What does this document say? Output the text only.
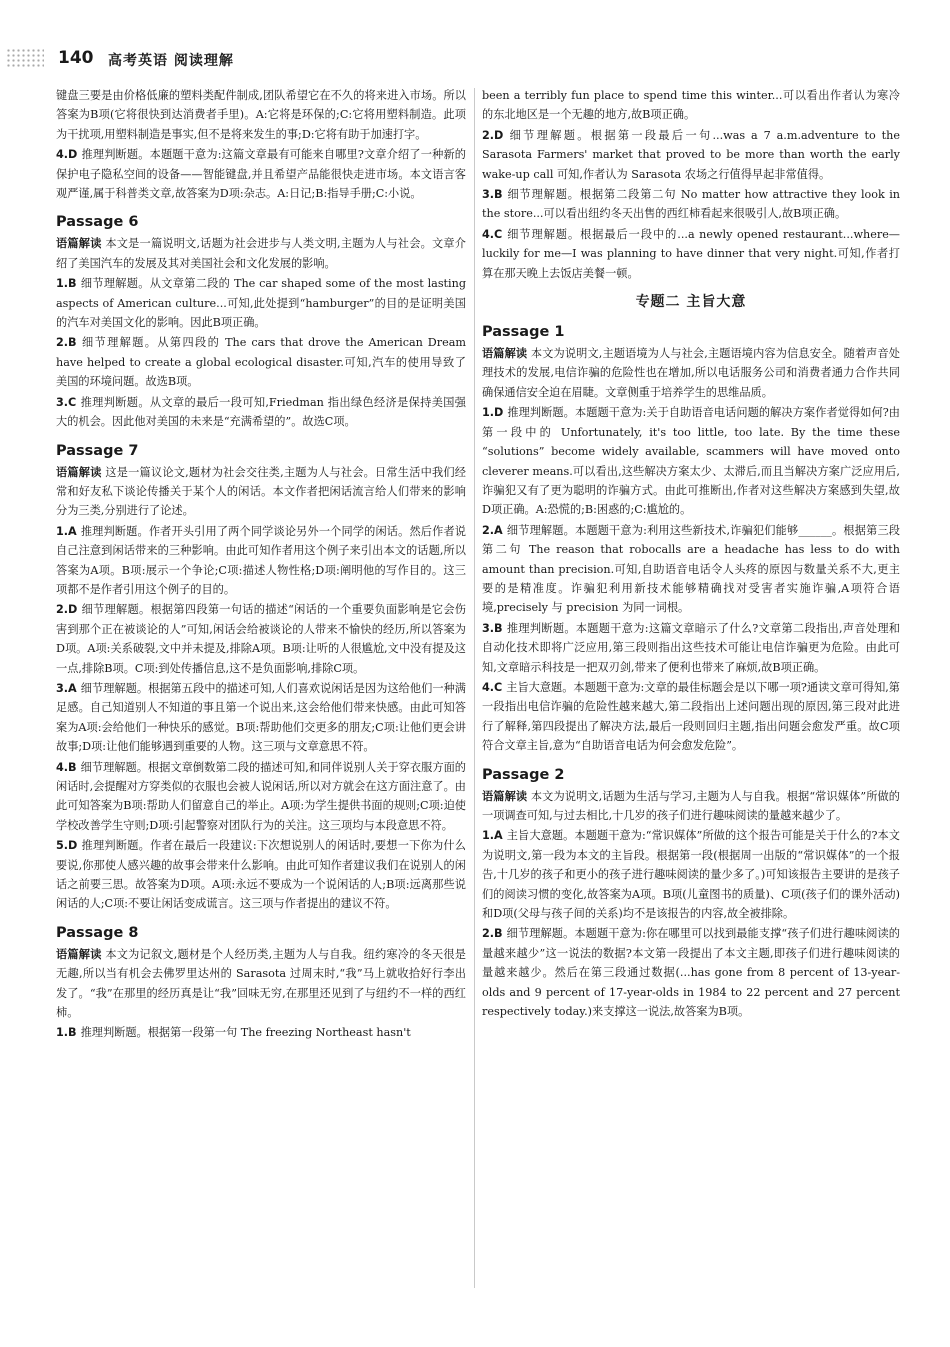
140 高考英语 阅读理解

键盘三要是由价格低廉的塑料类配件制成,团队希望它在不久的将来进入市场。所以答案为B项(它将很快到达消费者手里)。A:它将是环保的;C:它将用塑料制造。此项为干扰项,用塑料制造是事实,但不是将来发生的事;D:它将有助于加速打字。

4.D 推理判断题。本题题干意为:这篇文章最有可能来自哪里?文章介绍了一种新的保护电子隐私空间的设备——智能键盘,并且希望产品能很快走进市场。本文语言客观严谨,属于科普类文章,故答案为D项:杂志。A:日记;B:指导手册;C:小说。

Passage 6

语篇解读 本文是一篇说明文,话题为社会进步与人类文明,主题为人与社会。文章介绍了美国汽车的发展及其对美国社会和文化发展的影响。

1.B 细节理解题。从文章第二段的 The car shaped some of the most lasting aspects of American culture...可知,此处提到“hamburger”的目的是证明美国的汽车对美国文化的影响。因此B项正确。

2.B 细节理解题。从第四段的 The cars that drove the American Dream have helped to create a global ecological disaster.可知,汽车的使用导致了美国的环境问题。故选B项。

3.C 推理判断题。从文章的最后一段可知,Friedman 指出绿色经济是保持美国强大的机会。因此他对美国的未来是“充满希望的”。故选C项。

Passage 7

语篇解读 这是一篇议论文,题材为社会交往类,主题为人与社会。日常生活中我们经常和好友私下谈论传播关于某个人的闲话。本文作者把闲话流言给人们带来的影响分为三类,分别进行了论述。

1.A 推理判断题。作者开头引用了两个同学谈论另外一个同学的闲话。然后作者说自己注意到闲话带来的三种影响。由此可知作者用这个例子来引出本文的话题,所以答案为A项。B项:展示一个争论;C项:描述人物性格;D项:阐明他的写作目的。这三项都不是作者引用这个例子的目的。

2.D 细节理解题。根据第四段第一句话的描述“闲话的一个重要负面影响是它会伤害到那个正在被谈论的人”可知,闲话会给被谈论的人带来不愉快的经历,所以答案为D项。A项:关系破裂,文中并未提及,排除A项。B项:让听的人很尴尬,文中没有提及这一点,排除B项。C项:到处传播信息,这不是负面影响,排除C项。

3.A 细节理解题。根据第五段中的描述可知,人们喜欢说闲话是因为这给他们一种满足感。自己知道别人不知道的事且第一个说出来,这会给他们带来快感。由此可知答案为A项:会给他们一种快乐的感觉。B项:帮助他们交更多的朋友;C项:让他们更会讲故事;D项:让他们能够遇到重要的人物。这三项与文章意思不符。

4.B 细节理解题。根据文章倒数第二段的描述可知,和同伴说别人关于穿衣服方面的闲话时,会提醒对方穿类似的衣服也会被人说闲话,所以对方就会在这方面注意了。由此可知答案为B项:帮助人们留意自己的举止。A项:为学生提供书面的规则;C项:迫使学校改善学生守则;D项:引起警察对团队行为的关注。这三项均与本段意思不符。

5.D 推理判断题。作者在最后一段建议:下次想说别人的闲话时,要想一下你为什么要说,你那使人感兴趣的故事会带来什么影响。由此可知作者建议我们在说别人的闲话之前要三思。故答案为D项。A项:永远不要成为一个说闲话的人;B项:远离那些说闲话的人;C项:不要让闲话变成谎言。这三项与作者提出的建议不符。

Passage 8

语篇解读 本文为记叙文,题材是个人经历类,主题为人与自我。纽约寒冷的冬天很是无趣,所以当有机会去佛罗里达州的 Sarasota 过周末时,“我”马上就收拾好行李出发了。“我”在那里的经历真是让“我”回味无穷,在那里还见到了与纽约不一样的西红柿。

1.B 推理判断题。根据第一段第一句 The freezing Northeast hasn't

been a terribly fun place to spend time this winter...可以看出作者认为寒冷的东北地区是一个无趣的地方,故B项正确。

2.D 细节理解题。根据第一段最后一句...was a 7 a.m.adventure to the Sarasota Farmers' market that proved to be more than worth the early wake-up call 可知,作者认为 Sarasota 农场之行值得早起非常值得。

3.B 细节理解题。根据第二段第二句 No matter how attractive they look in the store...可以看出纽约冬天出售的西红柿看起来很吸引人,故B项正确。

4.C 细节理解题。根据最后一段中的...a newly opened restaurant...where—luckily for me—I was planning to have dinner that very night.可知,作者打算在那天晚上去饭店美餐一顿。

专题二 主旨大意
Passage 1

语篇解读 本文为说明文,主题语境为人与社会,主题语境内容为信息安全。随着声音处理技术的发展,电信诈骗的危险性也在增加,所以电话服务公司和消费者通力合作共同确保通信安全迫在眉睫。文章侧重于培养学生的思维品质。

1.D 推理判断题。本题题干意为:关于自助语音电话问题的解决方案作者觉得如何?由第一段中的 Unfortunately, it's too little, too late. By the time these “solutions” become widely available, scammers will have moved onto cleverer means.可以看出,这些解决方案太少、太滞后,而且当解决方案广泛应用后,诈骗犯又有了更为聪明的诈骗方式。由此可推断出,作者对这些解决方案感到失望,故D项正确。A:恐慌的;B:困惑的;C:尴尬的。

2.A 细节理解题。本题题干意为:利用这些新技术,诈骗犯们能够______。根据第三段第二句 The reason that robocalls are a headache has less to do with amount than precision.可知,自助语音电话令人头疼的原因与数量关系不大,更主要的是精准度。诈骗犯利用新技术能够精确找对受害者实施诈骗,A项符合语境,precisely 与 precision 为同一词根。

3.B 推理判断题。本题题干意为:这篇文章暗示了什么?文章第二段指出,声音处理和自动化技术即将广泛应用,第三段则指出这些技术可能让电信诈骗更为危险。由此可知,文章暗示科技是一把双刃剑,带来了便利也带来了麻烦,故B项正确。

4.C 主旨大意题。本题题干意为:文章的最佳标题会是以下哪一项?通读文章可得知,第一段指出电信诈骗的危险性越来越大,第二段指出上述问题出现的原因,第三段对此进行了解释,第四段提出了解决方法,最后一段则回归主题,指出问题会愈发严重。故C项符合文章主旨,意为“自助语音电话为何会愈发危险”。

Passage 2

语篇解读 本文为说明文,话题为生活与学习,主题为人与自我。根据“常识媒体”所做的一项调查可知,与过去相比,十几岁的孩子们进行趣味阅读的量越来越少了。

1.A 主旨大意题。本题题干意为:“常识媒体”所做的这个报告可能是关于什么的?本文为说明文,第一段为本文的主旨段。根据第一段(根据周一出版的“常识媒体”的一个报告,十几岁的孩子和更小的孩子进行趣味阅读的量少多了。)可知该报告主要讲的是孩子们的阅读习惯的变化,故答案为A项。B项(儿童图书的质量)、C项(孩子们的课外活动)和D项(父母与孩子间的关系)均不是该报告的内容,故全被排除。

2.B 细节理解题。本题题干意为:你在哪里可以找到最能支撑“孩子们进行趣味阅读的量越来越少”这一说法的数据?本文第一段提出了本文主题,即孩子们进行趣味阅读的量越来越少。然后在第三段通过数据(...has gone from 8 percent of 13-year-olds and 9 percent of 17-year-olds in 1984 to 22 percent and 27 percent respectively today.)来支撑这一说法,故答案为B项。
